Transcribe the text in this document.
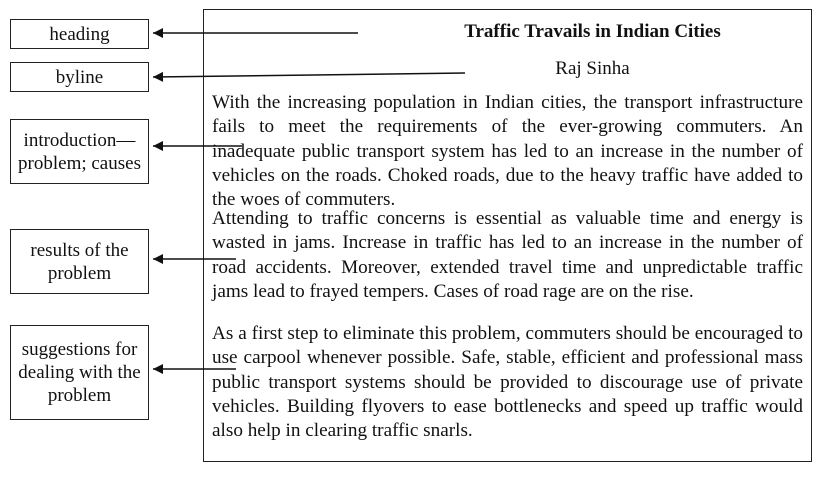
heading
byline
introduction—
problem; causes
results of the
problem
suggestions for
dealing with the
problem
Traffic Travails in Indian Cities
Raj Sinha
With the increasing population in Indian cities, the transport infrastructure fails to meet the requirements of the ever-growing commuters. An inadequate public transport system has led to an increase in the number of vehicles on the roads. Choked roads, due to the heavy traffic have added to the woes of commuters.
Attending to traffic concerns is essential as valuable time and energy is wasted in jams. Increase in traffic has led to an increase in the number of road accidents. Moreover, extended travel time and unpredictable traffic jams lead to frayed tempers. Cases of road rage are on the rise.
As a first step to eliminate this problem, commuters should be encouraged to use carpool whenever possible. Safe, stable, efficient and professional mass public transport systems should be provided to discourage use of private vehicles. Building flyovers to ease bottlenecks and speed up traffic would also help in clearing traffic snarls.
